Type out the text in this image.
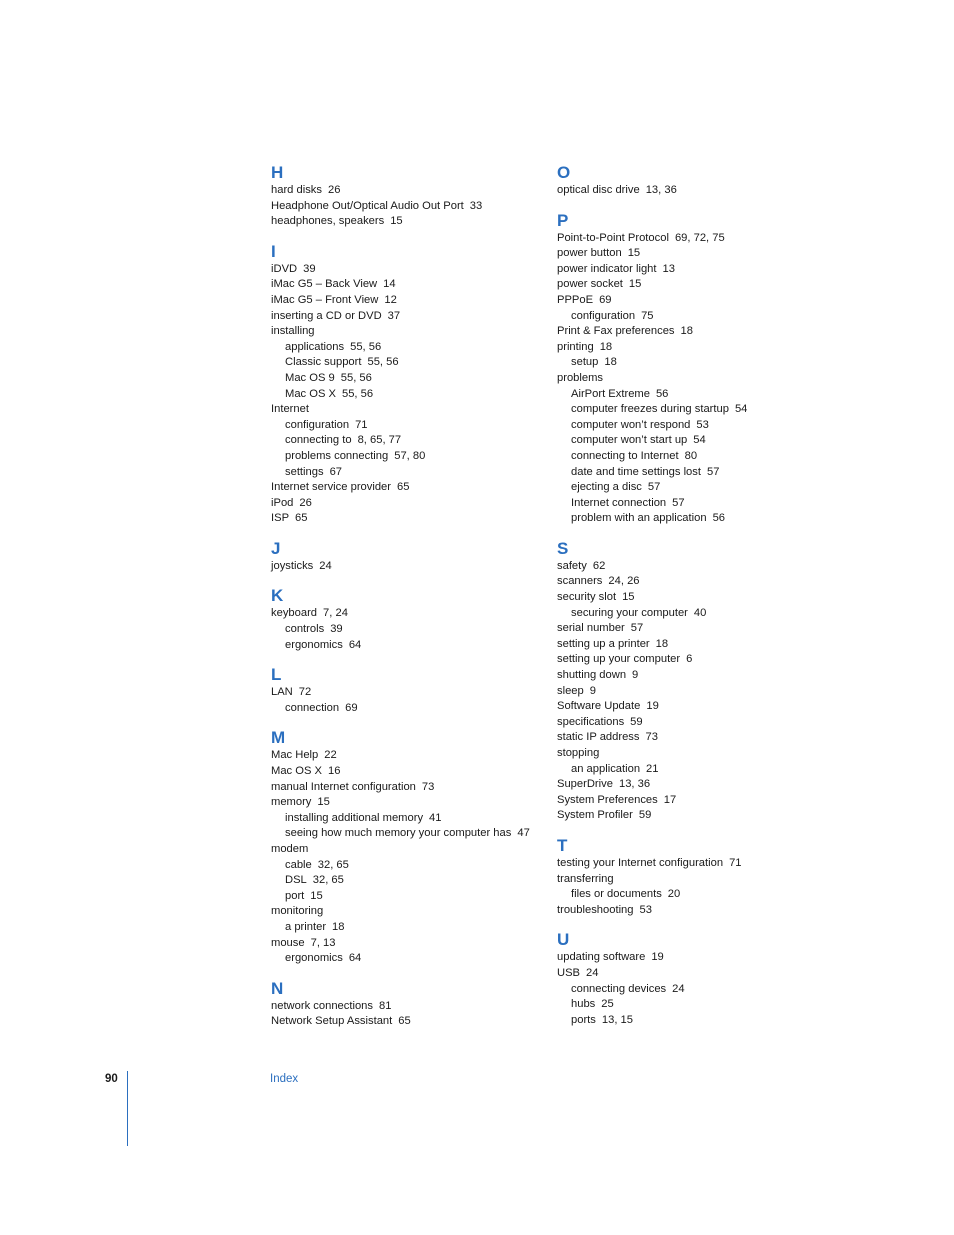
H
hard disks 26
Headphone Out/Optical Audio Out Port 33
headphones, speakers 15
I
iDVD 39
iMac G5 – Back View 14
iMac G5 – Front View 12
inserting a CD or DVD 37
installing
applications 55, 56
Classic support 55, 56
Mac OS 9 55, 56
Mac OS X 55, 56
Internet
configuration 71
connecting to 8, 65, 77
problems connecting 57, 80
settings 67
Internet service provider 65
iPod 26
ISP 65
J
joysticks 24
K
keyboard 7, 24
controls 39
ergonomics 64
L
LAN 72
connection 69
M
Mac Help 22
Mac OS X 16
manual Internet configuration 73
memory 15
installing additional memory 41
seeing how much memory your computer has 47
modem
cable 32, 65
DSL 32, 65
port 15
monitoring
a printer 18
mouse 7, 13
ergonomics 64
N
network connections 81
Network Setup Assistant 65
O
optical disc drive 13, 36
P
Point-to-Point Protocol 69, 72, 75
power button 15
power indicator light 13
power socket 15
PPPoE 69
configuration 75
Print & Fax preferences 18
printing 18
setup 18
problems
AirPort Extreme 56
computer freezes during startup 54
computer won’t respond 53
computer won’t start up 54
connecting to Internet 80
date and time settings lost 57
ejecting a disc 57
Internet connection 57
problem with an application 56
S
safety 62
scanners 24, 26
security slot 15
securing your computer 40
serial number 57
setting up a printer 18
setting up your computer 6
shutting down 9
sleep 9
Software Update 19
specifications 59
static IP address 73
stopping
an application 21
SuperDrive 13, 36
System Preferences 17
System Profiler 59
T
testing your Internet configuration 71
transferring
files or documents 20
troubleshooting 53
U
updating software 19
USB 24
connecting devices 24
hubs 25
ports 13, 15
90	Index
